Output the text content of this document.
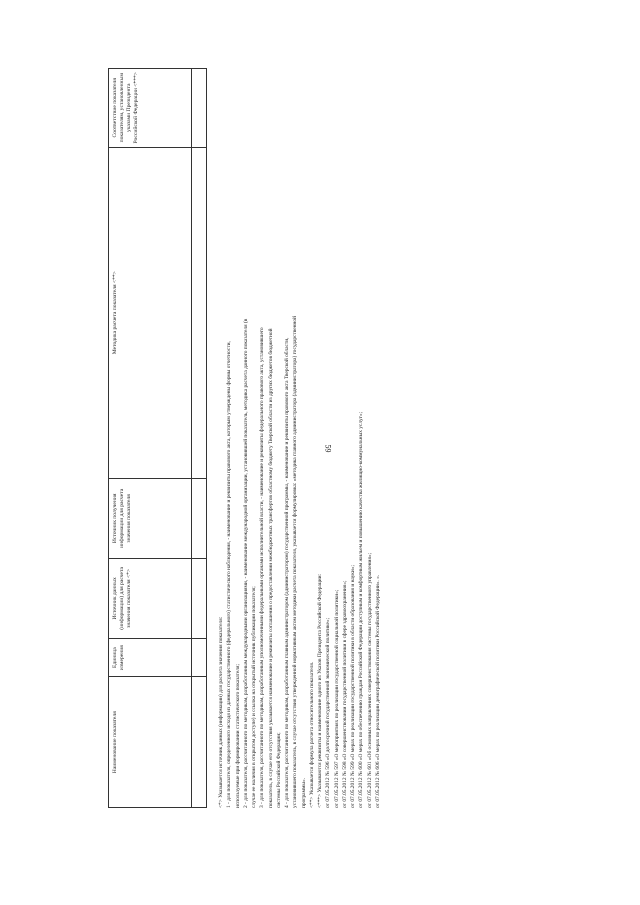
59
Наименование показателя	Единица измерения	Источник данных (информации) для расчета значения показателя <*>	Источник получения информации для расчета значения показателя	Методика расчета показателя <**>	Соответствие показателя показателям, установленным указами Президента Российской Федерации <***>

<*> Указывается источник данных (информации) для расчета значения показателя: 1 - для показателя, определенного исходя из данных государственного (федерального) статистического наблюдения, - наименование и реквизиты правового акта, которым утверждены формы отчетности, используемые при формировании статистического показателя; 2 - для показателя, рассчитанного по методикам, разработанным международными организациями, - наименование международной организации, установившей показатель, методика расчета данного показателя (в случае ее наличия в открытом доступе) и ссылка на открытый источник публикации показателя; 3 - для показателя, рассчитанного по методикам, разработанным уполномоченными федеральными органами исполнительной власти, - наименование и реквизиты федерального правового акта, установившего показатель, в случае его отсутствия указывается наименование и реквизиты соглашения о предоставлении межбюджетных трансфертов областному бюджету Тверской области из других бюджетов бюджетной системы Российской Федерации; 4 - для показателя, рассчитанного по методикам, разработанным главным администратором (администратором) государственной программы, - наименование и реквизиты правового акта Тверской области, установившего показатель, в случае отсутствия утвержденной нормативным актом методики расчета показателя, указывается формулировка: «методика главного администратора (администратора) государственной программы». <**> Указывается формула расчета относительного показателя. <***> Указываются реквизиты и наименование одного из Указов Президента Российской Федерации: от 07.05.2012 № 596 «О долгосрочной государственной экономической политике»; от 07.05.2012 № 597 «О мероприятиях по реализации государственной социальной политики»; от 07.05.2012 № 598 «О совершенствовании государственной политики в сфере здравоохранения»; от 07.05.2012 № 599 «О мерах по реализации государственной политики в области образования и науки»; от 07.05.2012 № 600 «О мерах по обеспечению граждан Российской Федерации доступным и комфортным жильем и повышению качества жилищно-коммунальных услуг»; от 07.05.2012 № 601 «Об основных направлениях совершенствования системы государственного управления»; от 07.05.2012 № 606 «О мерах по реализации демографической политики Российской Федерации». ».
